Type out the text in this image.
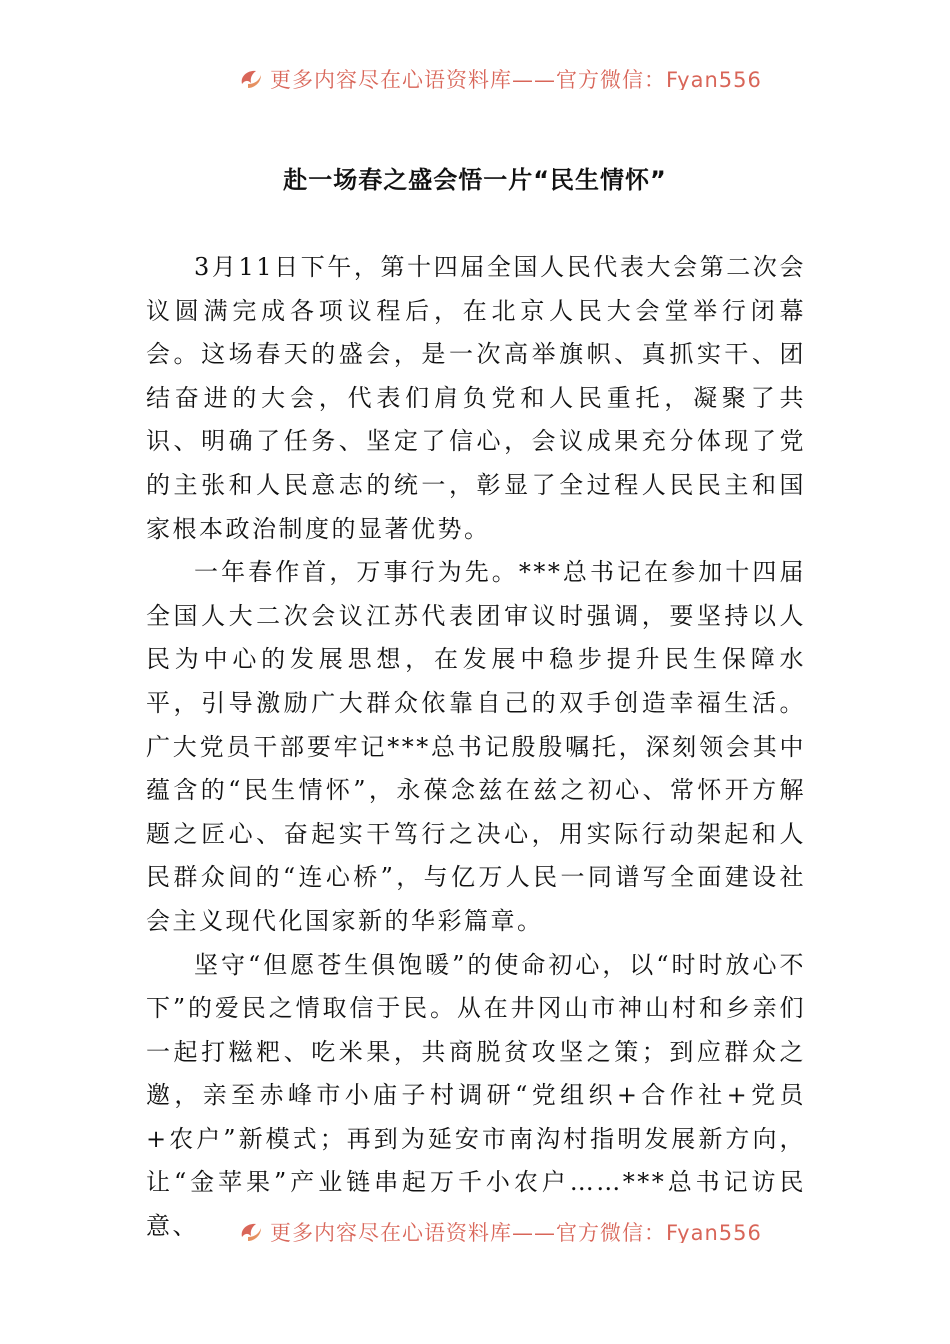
更多内容尽在心语资料库——官方微信：Fyan556
赴一场春之盛会悟一片“民生情怀”

3月11日下午，第十四届全国人民代表大会第二次会议圆满完成各项议程后，在北京人民大会堂举行闭幕会。这场春天的盛会，是一次高举旗帜、真抓实干、团结奋进的大会，代表们肩负党和人民重托，凝聚了共识、明确了任务、坚定了信心，会议成果充分体现了党的主张和人民意志的统一，彰显了全过程人民民主和国家根本政治制度的显著优势。

一年春作首，万事行为先。***总书记在参加十四届全国人大二次会议江苏代表团审议时强调，要坚持以人民为中心的发展思想，在发展中稳步提升民生保障水平，引导激励广大群众依靠自己的双手创造幸福生活。广大党员干部要牢记***总书记殷殷嘱托，深刻领会其中蕴含的“民生情怀”，永葆念兹在兹之初心、常怀开方解题之匠心、奋起实干笃行之决心，用实际行动架起和人民群众间的“连心桥”，与亿万人民一同谱写全面建设社会主义现代化国家新的华彩篇章。

坚守“但愿苍生俱饱暖”的使命初心，以“时时放心不下”的爱民之情取信于民。从在井冈山市神山村和乡亲们一起打糍粑、吃米果，共商脱贫攻坚之策；到应群众之邀，亲至赤峰市小庙子村调研“党组织+合作社+党员+农户”新模式；再到为延安市南沟村指明发展新方向，让“金苹果”产业链串起万千小农户……***总书记访民意、	更多内容尽在心语资料库——官方微信：Fyan556
